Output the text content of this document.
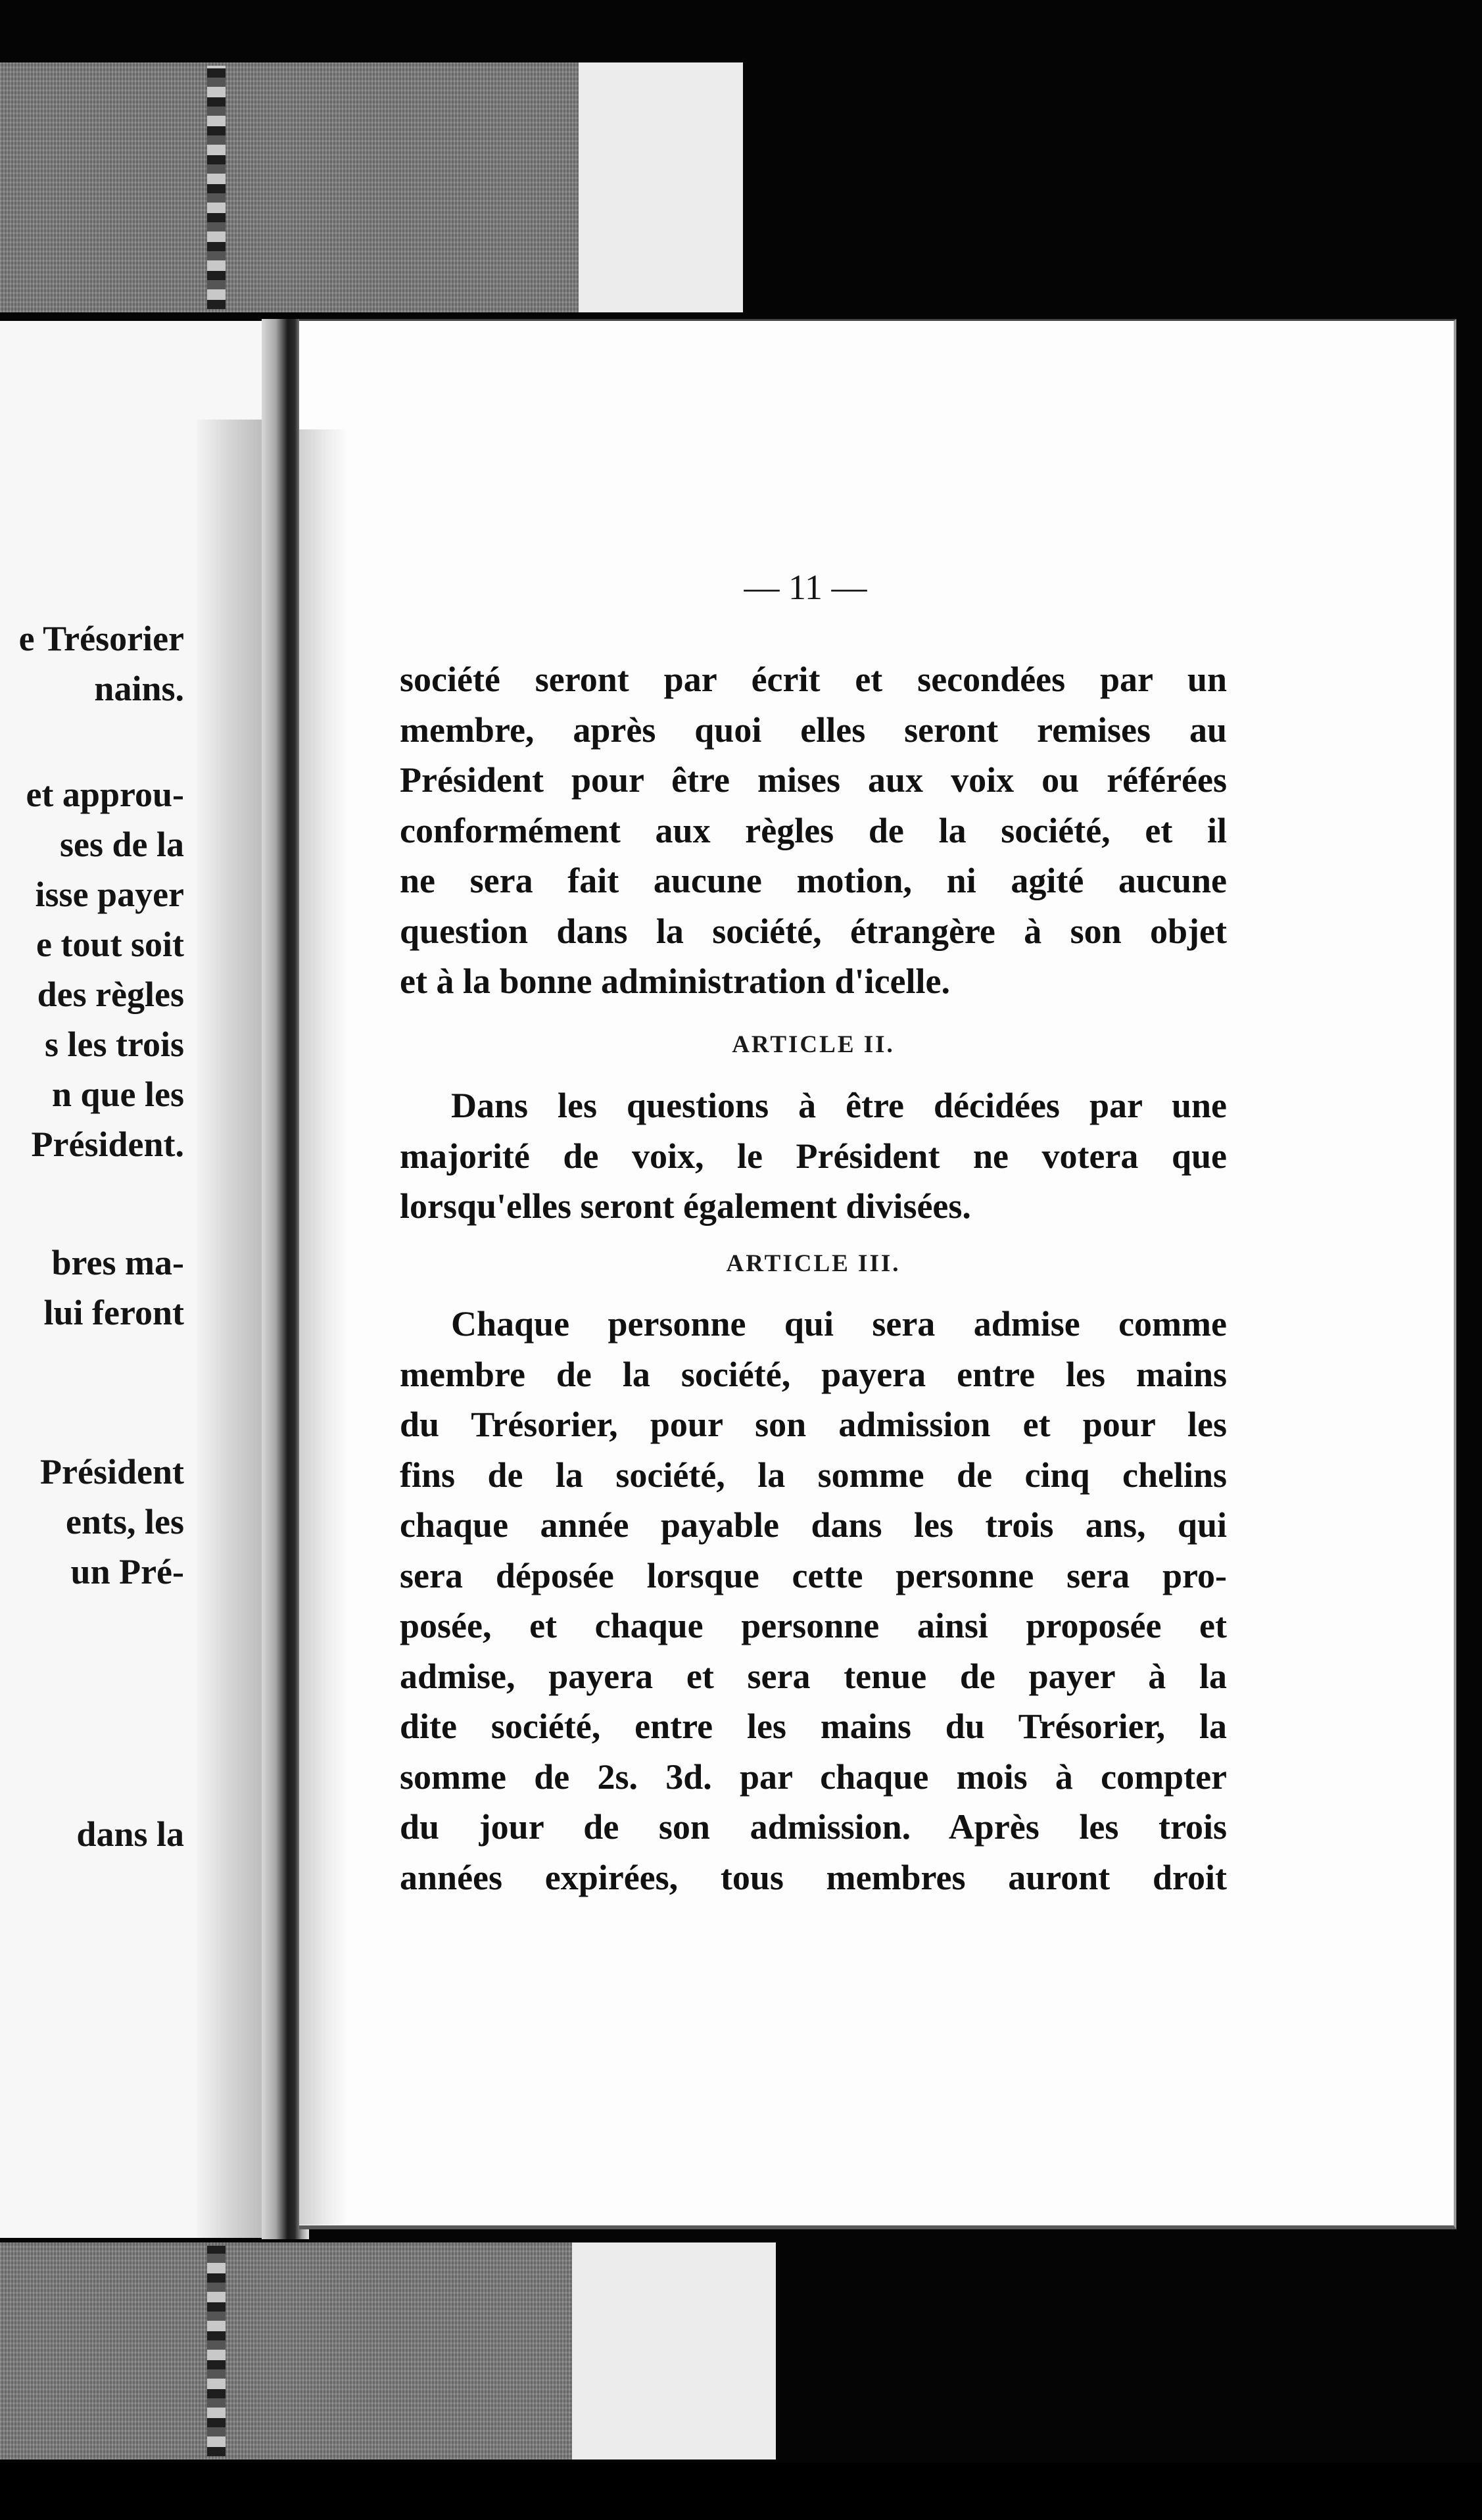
e Trésorier

nains.

et approu-

ses de la

isse payer

e tout soit

des règles

s les trois

n que les

Président.

bres ma-

lui feront

Président

ents, les

un Pré-

dans la

— 11 —

société seront par écrit et secondées par un

membre, après quoi elles seront remises au

Président pour être mises aux voix ou référées

conformément aux règles de la société, et il

ne sera fait aucune motion, ni agité aucune

question dans la société, étrangère à son objet

et à la bonne administration d'icelle.

ARTICLE II.

Dans les questions à être décidées par une

majorité de voix, le Président ne votera que

lorsqu'elles seront également divisées.

ARTICLE III.

Chaque personne qui sera admise comme

membre de la société, payera entre les mains

du Trésorier, pour son admission et pour les

fins de la société, la somme de cinq chelins

chaque année payable dans les trois ans, qui

sera déposée lorsque cette personne sera pro-

posée, et chaque personne ainsi proposée et

admise, payera et sera tenue de payer à la

dite société, entre les mains du Trésorier, la

somme de 2s. 3d. par chaque mois à compter

du jour de son admission. Après les trois

années expirées, tous membres auront droit
